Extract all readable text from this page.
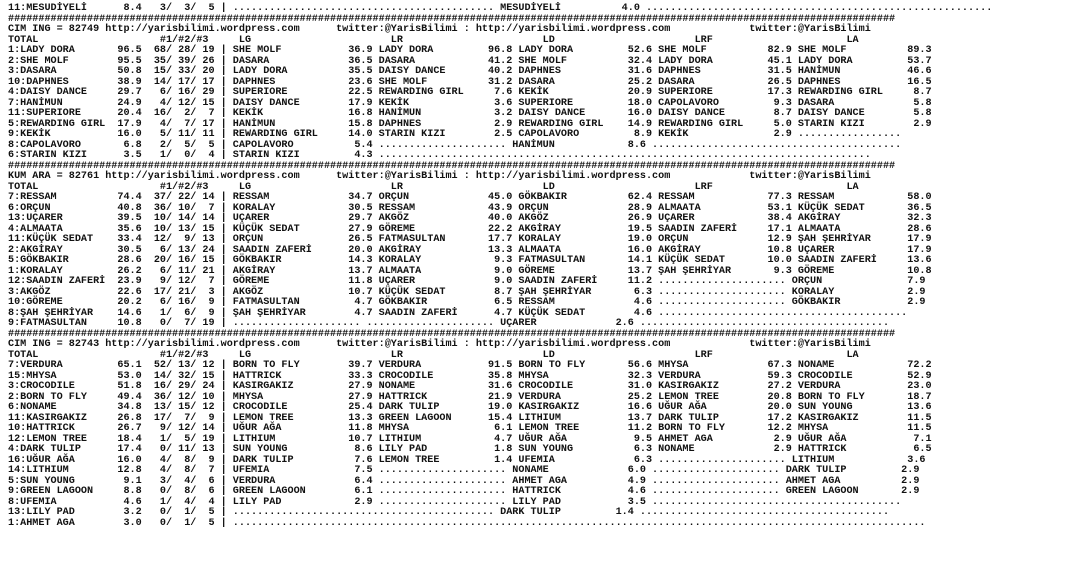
11:MESUDİYELİ      8.4   3/  3/  5 | ........................................... MESUDİYELİ          4.0 .........................................................
##################################################################################################################################################
CIM ING = 82749 http://yarisbilimi.wordpress.com      twitter:@YarisBilimi : http://yarisbilimi.wordpress.com             twitter:@YarisBilimi
TOTAL                    #1/#2/#3     LG                       LR                       LD                       LRF                      LA
1:LADY DORA       96.5  68/ 28/ 19 | SHE MOLF           36.9 LADY DORA         96.8 LADY DORA         52.6 SHE MOLF          82.9 SHE MOLF          89.3
2:SHE MOLF        95.5  35/ 39/ 26 | DASARA             36.5 DASARA            41.2 SHE MOLF          32.4 LADY DORA         45.1 LADY DORA         53.7
3:DASARA          50.8  15/ 33/ 20 | LADY DORA          35.5 DAISY DANCE       40.2 DAPHNES           31.6 DAPHNES           31.5 HANİMUN           46.6
10:DAPHNES        38.9  14/ 17/ 17 | DAPHNES            23.6 SHE MOLF          31.2 DASARA            25.2 DASARA            26.5 DAPHNES           16.5
4:DAISY DANCE     29.7   6/ 16/ 29 | SUPERIORE          22.5 REWARDING GIRL     7.6 KEKİK             20.9 SUPERIORE         17.3 REWARDING GIRL     8.7
7:HANİMUN         24.9   4/ 12/ 15 | DAISY DANCE        17.9 KEKİK              3.6 SUPERIORE         18.0 CAPOLAVORO         9.3 DASARA             5.8
11:SUPERIORE      20.4  16/  2/  7 | KEKİK              16.8 HANİMUN            3.2 DAISY DANCE       16.0 DAISY DANCE        8.7 DAISY DANCE        5.8
5:REWARDING GIRL  17.9   4/  7/ 17 | HANİMUN            15.8 DAPHNES            2.9 REWARDING GIRL    14.9 REWARDING GIRL     5.0 STARIN KIZI        2.9
9:KEKİK           16.0   5/ 11/ 11 | REWARDING GIRL     14.0 STARIN KIZI        2.5 CAPOLAVORO         8.9 KEKİK              2.9 .................
8:CAPOLAVORO       6.8   2/  5/  5 | CAPOLAVORO          5.4 ..................... HANİMUN            8.6 .........................................
6:STARIN KIZI      3.5   1/  0/  4 | STARIN KIZI         4.3 .................................................................................
##################################################################################################################################################
KUM ARA = 82761 http://yarisbilimi.wordpress.com      twitter:@YarisBilimi : http://yarisbilimi.wordpress.com             twitter:@YarisBilimi
TOTAL                    #1/#2/#3     LG                       LR                       LD                       LRF                      LA
7:RESSAM          74.4  37/ 22/ 14 | RESSAM             34.7 ORÇUN             45.0 GÖKBAKIR          62.4 RESSAM            77.3 RESSAM            58.0
6:ORÇUN           40.8  36/ 10/  7 | KORALAY            30.5 RESSAM            43.9 ORÇUN             28.9 ALMAATA           53.1 KÜÇÜK SEDAT       36.5
13:UÇARER         39.5  10/ 14/ 14 | UÇARER             29.7 AKGÖZ             40.0 AKGÖZ             26.9 UÇARER            38.4 AKGİRAY           32.3
4:ALMAATA         35.6  10/ 13/ 15 | KÜÇÜK SEDAT        27.9 GÖREME            22.2 AKGİRAY           19.5 SAADIN ZAFERİ     17.1 ALMAATA           28.6
11:KÜÇÜK SEDAT    33.4  12/  9/ 13 | ORÇUN              26.5 FATMASULTAN       17.7 KORALAY           19.0 ORÇUN             12.9 ŞAH ŞEHRİYAR      17.9
2:AKGİRAY         30.5   6/ 13/ 24 | SAADIN ZAFERİ      20.0 AKGİRAY           13.3 ALMAATA           16.0 AKGİRAY           10.8 UÇARER            17.9
5:GÖKBAKIR        28.6  20/ 16/ 15 | GÖKBAKIR           14.3 KORALAY            9.3 FATMASULTAN       14.1 KÜÇÜK SEDAT       10.0 SAADIN ZAFERİ     13.6
1:KORALAY         26.2   6/ 11/ 21 | AKGİRAY            13.7 ALMAATA            9.0 GÖREME            13.7 ŞAH ŞEHRİYAR       9.3 GÖREME            10.8
12:SAADIN ZAFERİ  23.9   9/ 12/  7 | GÖREME             11.8 UÇARER             9.0 SAADIN ZAFERİ     11.2 ..................... ORÇUN              7.9
3:AKGÖZ           22.6  17/ 21/  3 | AKGÖZ              10.7 KÜÇÜK SEDAT        8.7 ŞAH ŞEHRİYAR       6.3 ..................... KORALAY            2.9
10:GÖREME         20.2   6/ 16/  9 | FATMASULTAN         4.7 GÖKBAKIR           6.5 RESSAM             4.6 ..................... GÖKBAKIR           2.9
8:ŞAH ŞEHRİYAR    14.6   1/  6/  9 | ŞAH ŞEHRİYAR        4.7 SAADIN ZAFERİ      4.7 KÜÇÜK SEDAT        4.6 .........................................
9:FATMASULTAN     10.8   0/  7/ 19 | ..................... ..................... UÇARER             2.6 .........................................
##################################################################################################################################################
CIM ING = 82743 http://yarisbilimi.wordpress.com      twitter:@YarisBilimi : http://yarisbilimi.wordpress.com             twitter:@YarisBilimi
TOTAL                    #1/#2/#3     LG                       LR                       LD                       LRF                      LA
7:VERDURA         65.1  52/ 13/ 12 | BORN TO FLY        39.7 VERDURA           91.5 BORN TO FLY       56.6 MHYSA             67.3 NONAME            72.2
15:MHYSA          53.0  14/ 32/ 15 | HATTRICK           33.3 CROCODILE         35.8 MHYSA             32.3 VERDURA           59.3 CROCODILE         52.9
3:CROCODILE       51.8  16/ 29/ 24 | KASIRGAKIZ         27.9 NONAME            31.6 CROCODILE         31.0 KASIRGAKIZ        27.2 VERDURA           23.0
2:BORN TO FLY     49.4  36/ 12/ 10 | MHYSA              27.9 HATTRICK          21.9 VERDURA           25.2 LEMON TREE        20.8 BORN TO FLY       18.7
6:NONAME          34.8  13/ 15/ 12 | CROCODILE          25.4 DARK TULIP        19.0 KASIRGAKIZ        16.6 UĞUR AĞA          20.0 SUN YOUNG         13.6
11:KASIRGAKIZ     26.8  17/  7/  9 | LEMON TREE         13.3 GREEN LAGOON      15.4 LITHIUM           13.7 DARK TULIP        17.2 KASIRGAKIZ        11.5
10:HATTRICK       26.7   9/ 12/ 14 | UĞUR AĞA           11.8 MHYSA              6.1 LEMON TREE        11.2 BORN TO FLY       12.2 MHYSA             11.5
12:LEMON TREE     18.4   1/  5/ 19 | LITHIUM            10.7 LITHIUM            4.7 UĞUR AĞA           9.5 AHMET AGA          2.9 UĞUR AĞA           7.1
4:DARK TULIP      17.4   0/ 11/ 13 | SUN YOUNG           8.6 LILY PAD           1.8 SUN YOUNG          6.3 NONAME             2.9 HATTRICK           6.5
16:UĞUR AĞA       16.0   4/  8/  9 | DARK TULIP          7.6 LEMON TREE         1.4 UFEMIA             6.3 ..................... LITHIUM            3.6
14:LITHIUM        12.8   4/  8/  7 | UFEMIA              7.5 ..................... NONAME             6.0 ..................... DARK TULIP         2.9
5:SUN YOUNG        9.1   3/  4/  6 | VERDURA             6.4 ..................... AHMET AGA          4.9 ..................... AHMET AGA          2.9
9:GREEN LAGOON     8.8   0/  8/  6 | GREEN LAGOON        6.1 ..................... HATTRICK           4.6 ..................... GREEN LAGOON       2.9
8:UFEMIA           4.6   1/  4/  4 | LILY PAD            2.9 ..................... LILY PAD           3.5 .........................................
13:LILY PAD        3.2   0/  1/  5 | ........................................... DARK TULIP         1.4 .........................................
1:AHMET AGA        3.0   0/  1/  5 | ..................................................................................................................
